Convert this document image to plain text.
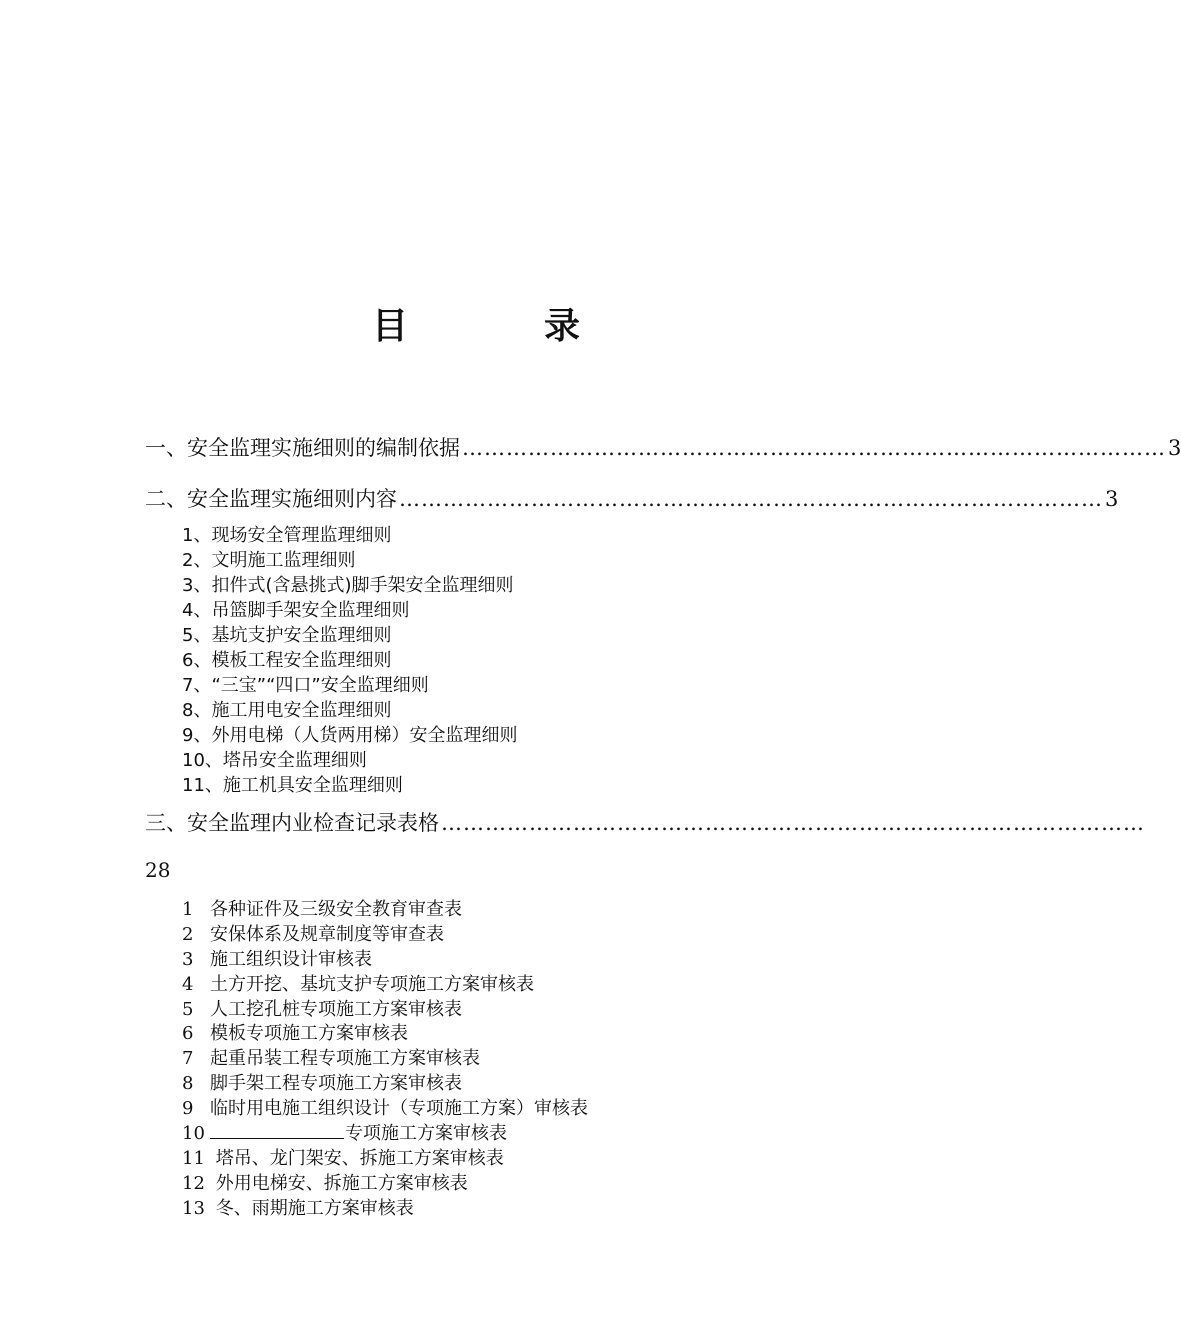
目	录
一、安全监理实施细则的编制依据 …………………………………………………………………………………… 3
二、安全监理实施细则内容 …………………………………………………………………………………… 3
1、现场安全管理监理细则
2、文明施工监理细则
3、扣件式(含悬挑式)脚手架安全监理细则
4、吊篮脚手架安全监理细则
5、基坑支护安全监理细则
6、模板工程安全监理细则
7、“三宝”“四口”安全监理细则
8、施工用电安全监理细则
9、外用电梯（人货两用梯）安全监理细则
10、塔吊安全监理细则
11、施工机具安全监理细则
三、安全监理内业检查记录表格 ……………………………………………………………………………………
28
1 各种证件及三级安全教育审查表
2 安保体系及规章制度等审查表
3 施工组织设计审核表
4 土方开挖、基坑支护专项施工方案审核表
5 人工挖孔桩专项施工方案审核表
6 模板专项施工方案审核表
7 起重吊装工程专项施工方案审核表
8 脚手架工程专项施工方案审核表
9 临时用电施工组织设计（专项施工方案）审核表
10	专项施工方案审核表
11 塔吊、龙门架安、拆施工方案审核表
12 外用电梯安、拆施工方案审核表
13 冬、雨期施工方案审核表
